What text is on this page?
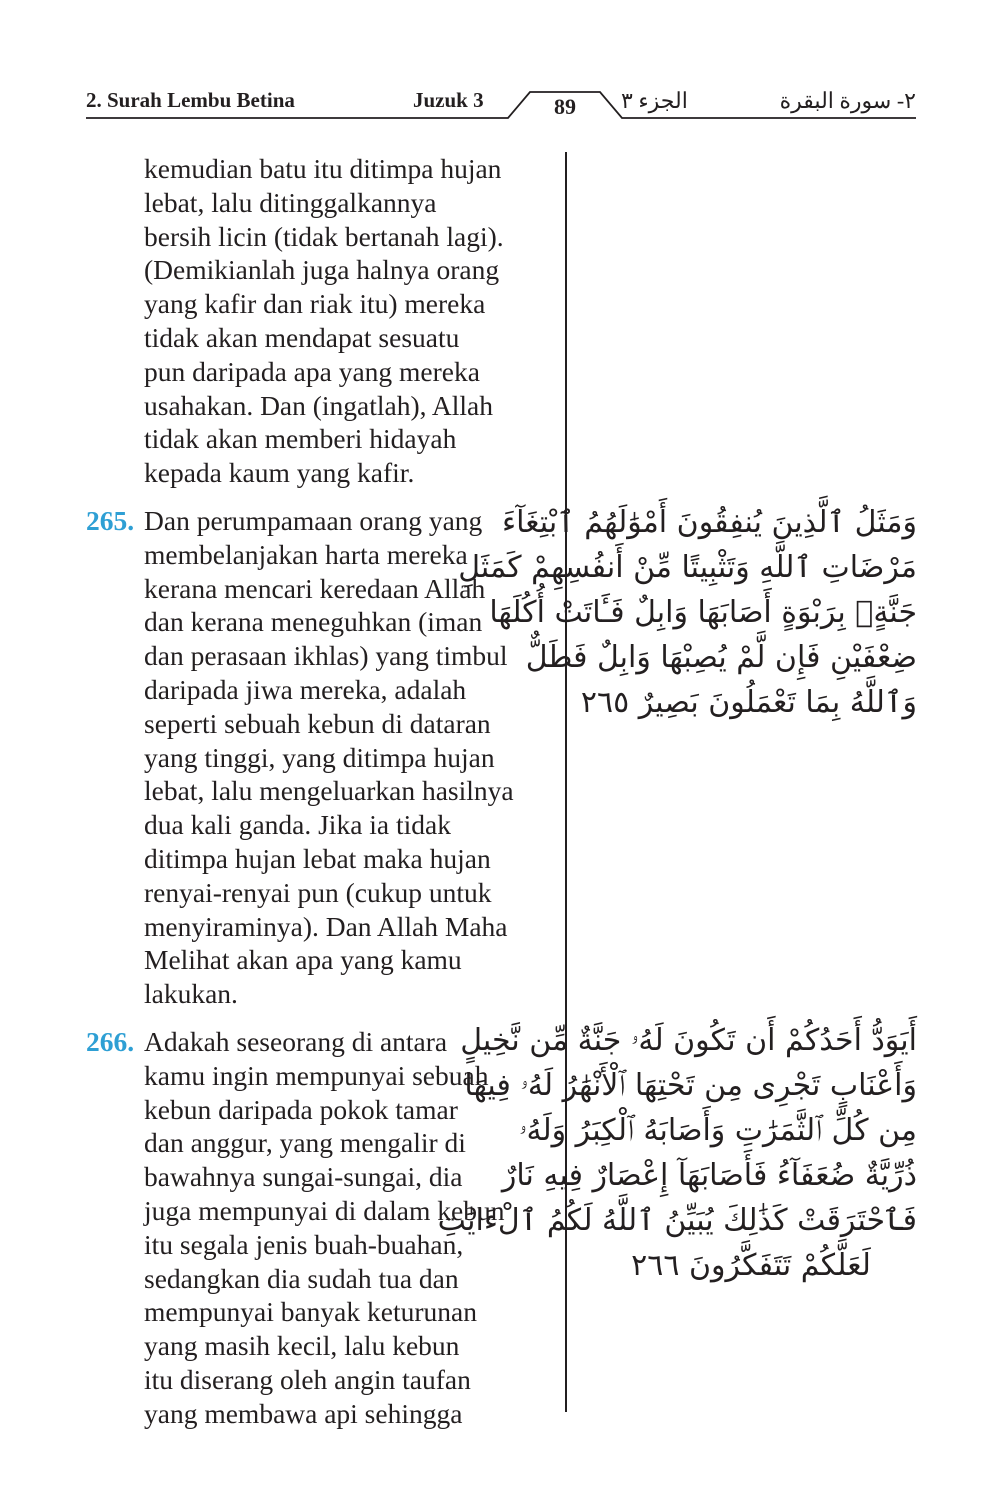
2. Surah Lembu Betina	Juzuk 3	89	الجزء ٣	٢- سورة البقرة
kemudian batu itu ditimpa hujan
lebat, lalu ditinggalkannya
bersih licin (tidak bertanah lagi).
(Demikianlah juga halnya orang
yang kafir dan riak itu) mereka
tidak akan mendapat sesuatu
pun daripada apa yang mereka
usahakan. Dan (ingatlah), Allah
tidak akan memberi hidayah
kepada kaum yang kafir.
265. Dan perumpamaan orang yang
membelanjakan harta mereka
kerana mencari keredaan Allah
dan kerana meneguhkan (iman
dan perasaan ikhlas) yang timbul
daripada jiwa mereka, adalah
seperti sebuah kebun di dataran
yang tinggi, yang ditimpa hujan
lebat, lalu mengeluarkan hasilnya
dua kali ganda. Jika ia tidak
ditimpa hujan lebat maka hujan
renyai-renyai pun (cukup untuk
menyiraminya). Dan Allah Maha
Melihat akan apa yang kamu
lakukan.
266. Adakah seseorang di antara
kamu ingin mempunyai sebuah
kebun daripada pokok tamar
dan anggur, yang mengalir di
bawahnya sungai-sungai, dia
juga mempunyai di dalam kebun
itu segala jenis buah-buahan,
sedangkan dia sudah tua dan
mempunyai banyak keturunan
yang masih kecil, lalu kebun
itu diserang oleh angin taufan
yang membawa api sehingga
وَمَثَلُ ٱلَّذِينَ يُنفِقُونَ أَمْوَٰلَهُمُ ٱبْتِغَآءَ
مَرْضَاتِ ٱللَّهِ وَتَثْبِيتًا مِّنْ أَنفُسِهِمْ كَمَثَلِ
جَنَّةٍۭ بِرَبْوَةٍ أَصَابَهَا وَابِلٌ فَـَٔاتَتْ أُكُلَهَا
ضِعْفَيْنِ فَإِن لَّمْ يُصِبْهَا وَابِلٌ فَطَلٌّ
وَٱللَّهُ بِمَا تَعْمَلُونَ بَصِيرٌ ٢٦٥
أَيَوَدُّ أَحَدُكُمْ أَن تَكُونَ لَهُۥ جَنَّةٌ مِّن نَّخِيلٍ
وَأَعْنَابٍ تَجْرِى مِن تَحْتِهَا ٱلْأَنْهَٰرُ لَهُۥ فِيهَا
مِن كُلِّ ٱلثَّمَرَٰتِ وَأَصَابَهُ ٱلْكِبَرُ وَلَهُۥ
ذُرِّيَّةٌ ضُعَفَآءُ فَأَصَابَهَآ إِعْصَارٌ فِيهِ نَارٌ
فَٱحْتَرَقَتْ كَذَٰلِكَ يُبَيِّنُ ٱللَّهُ لَكُمُ ٱلْءَايَٰتِ
لَعَلَّكُمْ تَتَفَكَّرُونَ ٢٦٦
